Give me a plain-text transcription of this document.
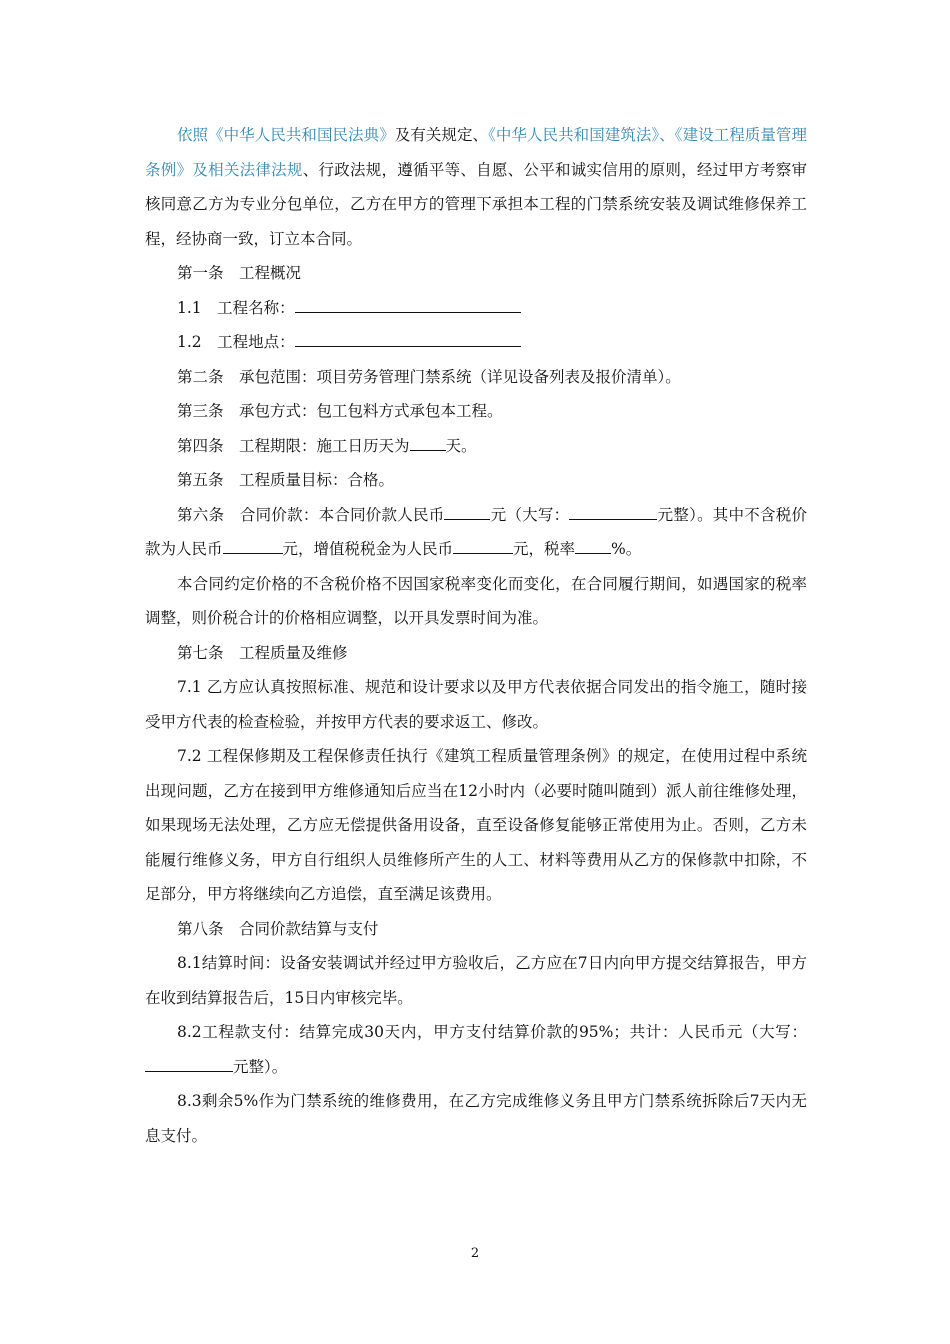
依照《中华人民共和国民法典》及有关规定、《中华人民共和国建筑法》、《建设工程质量管理条例》及相关法律法规、行政法规，遵循平等、自愿、公平和诚实信用的原则，经过甲方考察审核同意乙方为专业分包单位，乙方在甲方的管理下承担本工程的门禁系统安装及调试维修保养工程，经协商一致，订立本合同。

第一条　工程概况

1.1　工程名称：

1.2　工程地点：

第二条　承包范围：项目劳务管理门禁系统（详见设备列表及报价清单）。

第三条　承包方式：包工包料方式承包本工程。

第四条　工程期限：施工日历天为 天。

第五条　工程质量目标：合格。

第六条　合同价款：本合同价款人民币	元（大写：	元整）。其中不含税价款为人民币	元，增值税税金为人民币	元，税率 %。

本合同约定价格的不含税价格不因国家税率变化而变化，在合同履行期间，如遇国家的税率调整，则价税合计的价格相应调整，以开具发票时间为准。

第七条　工程质量及维修

7.1 乙方应认真按照标准、规范和设计要求以及甲方代表依据合同发出的指令施工，随时接受甲方代表的检查检验，并按甲方代表的要求返工、修改。

7.2 工程保修期及工程保修责任执行《建筑工程质量管理条例》的规定，在使用过程中系统出现问题，乙方在接到甲方维修通知后应当在12小时内（必要时随叫随到）派人前往维修处理，如果现场无法处理，乙方应无偿提供备用设备，直至设备修复能够正常使用为止。否则，乙方未能履行维修义务，甲方自行组织人员维修所产生的人工、材料等费用从乙方的保修款中扣除，不足部分，甲方将继续向乙方追偿，直至满足该费用。

第八条　合同价款结算与支付

8.1结算时间：设备安装调试并经过甲方验收后，乙方应在7日内向甲方提交结算报告，甲方在收到结算报告后，15日内审核完毕。

8.2工程款支付：结算完成30天内，甲方支付结算价款的95%；共计：人民币元（大写：元整）。

8.3剩余5%作为门禁系统的维修费用，在乙方完成维修义务且甲方门禁系统拆除后7天内无息支付。

2
